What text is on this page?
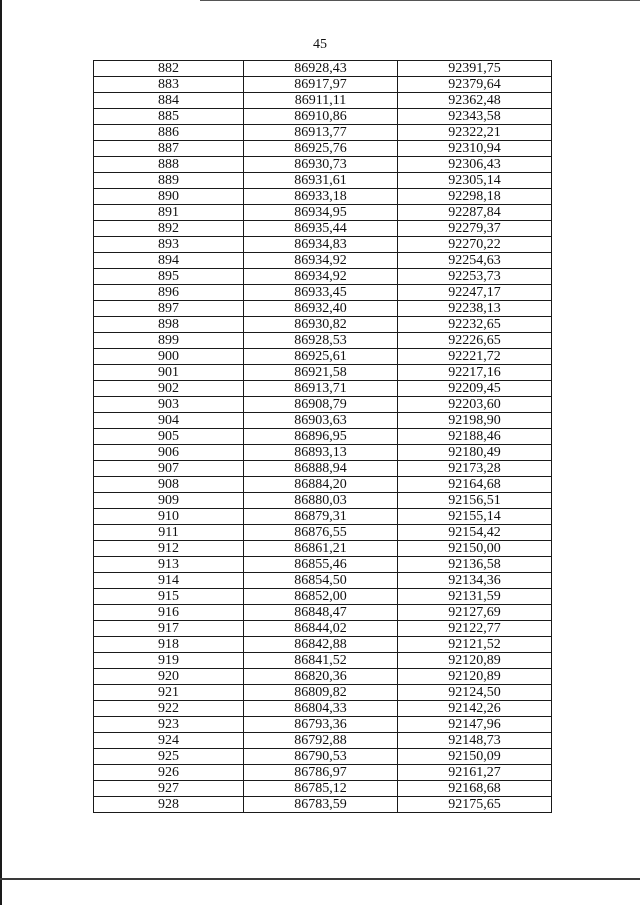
45
882	86928,43	92391,75
883	86917,97	92379,64
884	86911,11	92362,48
885	86910,86	92343,58
886	86913,77	92322,21
887	86925,76	92310,94
888	86930,73	92306,43
889	86931,61	92305,14
890	86933,18	92298,18
891	86934,95	92287,84
892	86935,44	92279,37
893	86934,83	92270,22
894	86934,92	92254,63
895	86934,92	92253,73
896	86933,45	92247,17
897	86932,40	92238,13
898	86930,82	92232,65
899	86928,53	92226,65
900	86925,61	92221,72
901	86921,58	92217,16
902	86913,71	92209,45
903	86908,79	92203,60
904	86903,63	92198,90
905	86896,95	92188,46
906	86893,13	92180,49
907	86888,94	92173,28
908	86884,20	92164,68
909	86880,03	92156,51
910	86879,31	92155,14
911	86876,55	92154,42
912	86861,21	92150,00
913	86855,46	92136,58
914	86854,50	92134,36
915	86852,00	92131,59
916	86848,47	92127,69
917	86844,02	92122,77
918	86842,88	92121,52
919	86841,52	92120,89
920	86820,36	92120,89
921	86809,82	92124,50
922	86804,33	92142,26
923	86793,36	92147,96
924	86792,88	92148,73
925	86790,53	92150,09
926	86786,97	92161,27
927	86785,12	92168,68
928	86783,59	92175,65
